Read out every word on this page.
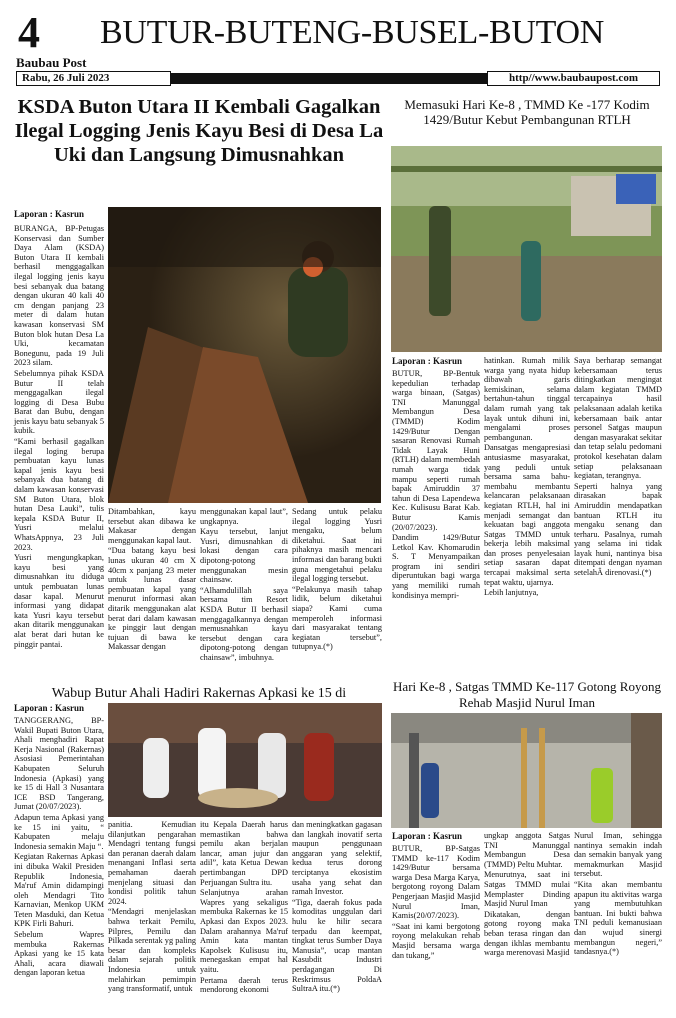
4
Baubau Post
BUTUR-BUTENG-BUSEL-BUTON
Rabu, 26 Juli 2023	http//www.baubaupost.com
KSDA Buton Utara II Kembali Gagalkan Ilegal Logging Jenis Kayu Besi di Desa La Uki dan Langsung Dimusnahkan
Laporan : Kasrun

BURANGA, BP-Petugas Konservasi dan Sumber Daya Alam (KSDA) Buton Utara II kembali berhasil menggagalkan ilegal logging jenis kayu besi sebanyak dua batang dengan ukuran 40 kali 40 cm dengan panjang 23 meter di dalam hutan kawasan konservasi SM Buton blok hutan Desa La Uki, kecamatan Bonegunu, pada 19 Juli 2023 silam.

Sebelumnya pihak KSDA Butur II telah menggagalkan ilegal logging di Desa Bubu Barat dan Bubu, dengan jenis kayu batu sebanyak 5 kubik.

“Kami berhasil gagalkan ilegal loging berupa pembuatan kayu lunas kapal jenis kayu besi sebanyak dua batang di dalam kawasan konservasi SM Buton Utara, blok hutan Desa Lauki”, tulis kepala KSDA Butur II, Yusri melalui WhatsAppnya, 23 Juli 2023.

Yusri mengungkapkan, kayu besi yang dimusnahkan itu diduga untuk pembuatan lunas dasar kapal. Menurut informasi yang didapat kata Yusri kayu tersebut akan ditarik menggunakan alat berat dari hutan ke pinggir pantai.

Ditambahkan, kayu tersebut akan dibawa ke Makasar dengan menggunakan kapal laut.

“Dua batang kayu besi lunas ukuran 40 cm X 40cm x panjang 23 meter untuk lunas dasar pembuatan kapal yang menurut informasi akan ditarik menggunakan alat berat dari dalam kawasan ke pinggir laut dengan tujuan di bawa ke Makassar dengan

menggunakan kapal laut”, ungkapnya.

Kayu tersebut, lanjut Yusri, dimusnahkan di lokasi dengan cara dipotong-potong menggunakan mesin chainsaw.

“Alhamdulillah saya bersama tim Resort KSDA Butur II berhasil menggagalkannya dengan memusnahkan kayu tersebut dengan cara dipotong-potong dengan chainsaw”, imbuhnya.

Sedang untuk pelaku ilegal logging Yusri mengaku, belum diketahui. Saat ini pihaknya masih mencari informasi dan barang bukti guna mengetahui pelaku ilegal logging tersebut.

“Pelakunya masih tahap lidik, belum diketahui siapa? Kami cuma memperoleh informasi dari masyarakat tentang kegiatan tersebut”, tutupnya.(*)

Memasuki Hari Ke-8 , TMMD Ke -177 Kodim 1429/Butur Kebut Pembangunan RTLH
Laporan : Kasrun

BUTUR, BP-Bentuk kepedulian terhadap warga binaan, (Satgas) TNI Manunggal Membangun Desa (TMMD) Kodim 1429/Butur Dengan sasaran Renovasi Rumah Tidak Layak Huni (RTLH) dalam membedah rumah warga tidak mampu seperti rumah bapak Amiruddin 37 tahun di Desa Lapendewa Kec. Kulisusu Barat Kab. Butur Kamis (20/07/2023).

Dandim 1429/Butur Letkol Kav. Khomarudin S. T Menyampaikan program ini sendiri diperuntukan bagi warga yang memiliki rumah kondisinya mempri-

hatinkan. Rumah milik warga yang nyata hidup dibawah garis kemiskinan, selama bertahun-tahun tinggal dalam rumah yang tak layak untuk dihuni ini, mengalami proses pembangunan.

Dansatgas mengapresiasi antusiasme masyarakat, yang peduli untuk bersama sama bahu-membahu membantu kelancaran pelaksanaan kegiatan RTLH, hal ini menjadi semangat dan kekuatan bagi anggota Satgas TMMD untuk bekerja lebih maksimal dan proses penyelesaian setiap sasaran dapat tercapai maksimal serta tepat waktu, ujarnya.

Lebih lanjutnya,

Saya berharap semangat kebersamaan terus ditingkatkan mengingat dalam kegiatan TMMD tercapainya hasil pelaksanaan adalah ketika kebersamaan baik antar personel Satgas maupun dengan masyarakat sekitar dan tetap selalu pedomani protokol kesehatan dalam setiap pelaksanaan kegiatan, terangnya.

Seperti halnya yang dirasakan bapak Amiruddin mendapatkan bantuan RTLH itu mengaku senang dan terharu. Pasalnya, rumah yang selama ini tidak layak huni, nantinya bisa ditempati dengan nyaman setelahÂ direnovasi.(*)

Wabup Butur Ahali Hadiri Rakernas Apkasi ke 15 di
Laporan : Kasrun

TANGGERANG, BP-Wakil Bupati Buton Utara, Ahali menghadiri Rapat Kerja Nasional (Rakernas) Asosiasi Pemerintahan Kabupaten Seluruh Indonesia (Apkasi) yang ke 15 di Hall 3 Nusantara ICE BSD Tangerang, Jumat (20/07/2023).

Adapun tema Apkasi yang ke 15 ini yaitu, “ Kabupaten melaju Indonesia semakin Maju “.

Kegiatan Rakernas Apkasi ini dibuka Wakil Presiden Republik Indonesia, Ma'ruf Amin didampingi oleh Mendagri Tito Karnavian, Menkop UKM Teten Masduki, dan Ketua KPK Firli Bahuri.

Sebelum Wapres membuka Rakernas Apkasi yang ke 15 kata Ahali, acara diawali dengan laporan ketua

panitia. Kemudian dilanjutkan pengarahan Mendagri tentang fungsi dan peranan daerah dalam menangani Inflasi serta pemahaman daerah menjelang situasi dan kondisi politik tahun 2024.

“Mendagri menjelaskan bahwa terkait Pemilu, Pilpres, Pemilu dan Pilkada serentak yg paling besar dan kompleks dalam sejarah politik Indonesia untuk melahirkan pemimpin yang transformatif, untuk

itu Kepala Daerah harus memastikan bahwa pemilu akan berjalan lancar, aman jujur dan adil”, kata Ketua Dewan pertimbangan DPD Perjuangan Sultra itu.

Selanjutnya arahan Wapres yang sekaligus membuka Rakernas ke 15 Apkasi dan Expos 2023. Dalam arahannya Ma'ruf Amin kata mantan Kapolsek Kulisusu itu, menegaskan empat hal yaitu.

Pertama daerah terus mendorong ekonomi

dan meningkatkan gagasan dan langkah inovatif serta maupun penggunaan anggaran yang selektif, kedua terus dorong terciptanya ekosistim usaha yang sehat dan ramah Investor.

“Tiga, daerah fokus pada komoditas unggulan dari hulu ke hilir secara terpadu dan keempat, tingkat terus Sumber Daya Manusia”, ucap mantan Kasubdit Industri perdagangan Di Reskrimsus PoldaA SultraA itu.(*)

Hari Ke-8 , Satgas TMMD Ke-117 Gotong Royong Rehab Masjid Nurul Iman
Laporan : Kasrun

BUTUR, BP-Satgas TMMD ke-117 Kodim 1429/Butur bersama warga Desa Marga Karya, bergotong royong Dalam Pengerjaan Masjid Masjid Nurul Iman, Kamis(20/07/2023).

“Saat ini kami bergotong royong melakukan rehab Masjid bersama warga dan tukang,”

ungkap anggota Satgas TNI Manunggal Membangun Desa (TMMD) Peltu Muhtar.

Menurutnya, saat ini Satgas TMMD mulai Memplaster Dinding Masjid Nurul Iman

Dikatakan, dengan gotong royong maka beban terasa ringan dan dengan ikhlas membantu warga merenovasi Masjid

Nurul Iman, sehingga nantinya semakin indah dan semakin banyak yang memakmurkan Masjid tersebut.

“Kita akan membantu apapun itu aktivitas warga yang membutuhkan bantuan. Ini bukti bahwa TNI peduli kemanusiaan dan wujud sinergi membangun negeri,” tandasnya.(*)
